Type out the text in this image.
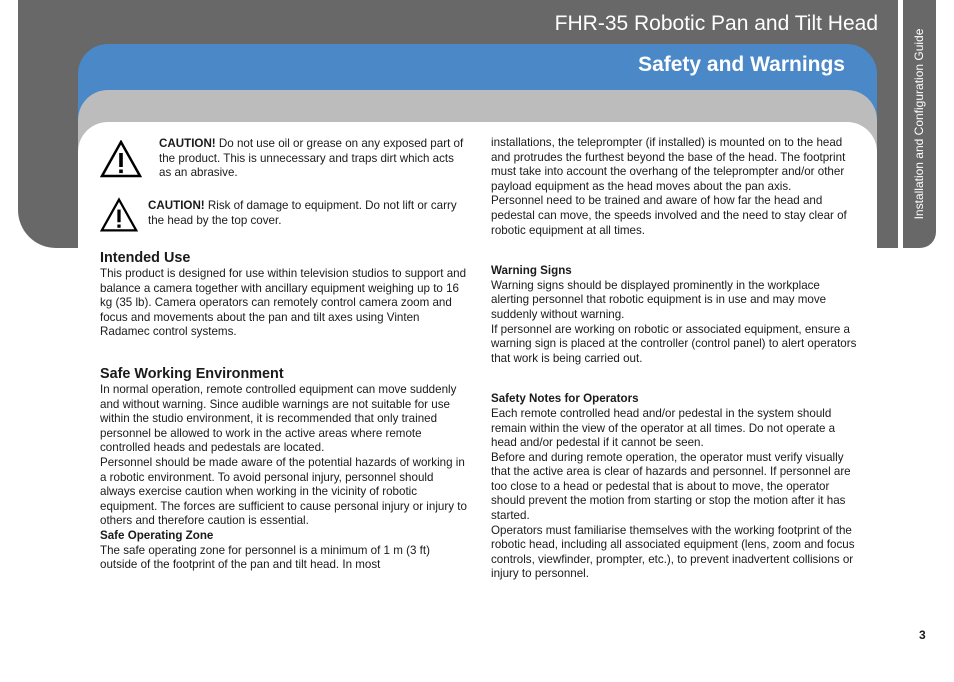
FHR-35 Robotic Pan and Tilt Head
Safety and Warnings	Installation and Configuration Guide

CAUTION! Do not use oil or grease on any exposed part of the product. This is unnecessary and traps dirt which acts as an abrasive.

CAUTION! Risk of damage to equipment. Do not lift or carry the head by the top cover.

Intended Use

This product is designed for use within television studios to support and balance a camera together with ancillary equipment weighing up to 16 kg (35 lb). Camera operators can remotely control camera zoom and focus and movements about the pan and tilt axes using Vinten Radamec control systems.

Safe Working Environment

In normal operation, remote controlled equipment can move suddenly and without warning. Since audible warnings are not suitable for use within the studio environment, it is recommended that only trained personnel be allowed to work in the active areas where remote controlled heads and pedestals are located.

Personnel should be made aware of the potential hazards of working in a robotic environment. To avoid personal injury, personnel should always exercise caution when working in the vicinity of robotic equipment. The forces are sufficient to cause personal injury or injury to others and therefore caution is essential.

Safe Operating Zone

The safe operating zone for personnel is a minimum of 1 m (3 ft) outside of the footprint of the pan and tilt head. In most

installations, the teleprompter (if installed) is mounted on to the head and protrudes the furthest beyond the base of the head. The footprint must take into account the overhang of the teleprompter and/or other payload equipment as the head moves about the pan axis.

Personnel need to be trained and aware of how far the head and pedestal can move, the speeds involved and the need to stay clear of robotic equipment at all times.

Warning Signs

Warning signs should be displayed prominently in the workplace alerting personnel that robotic equipment is in use and may move suddenly without warning.

If personnel are working on robotic or associated equipment, ensure a warning sign is placed at the controller (control panel) to alert operators that work is being carried out.

Safety Notes for Operators

Each remote controlled head and/or pedestal in the system should remain within the view of the operator at all times. Do not operate a head and/or pedestal if it cannot be seen.

Before and during remote operation, the operator must verify visually that the active area is clear of hazards and personnel. If personnel are too close to a head or pedestal that is about to move, the operator should prevent the motion from starting or stop the motion after it has started.

Operators must familiarise themselves with the working footprint of the robotic head, including all associated equipment (lens, zoom and focus controls, viewfinder, prompter, etc.), to prevent inadvertent collisions or injury to personnel.

3
